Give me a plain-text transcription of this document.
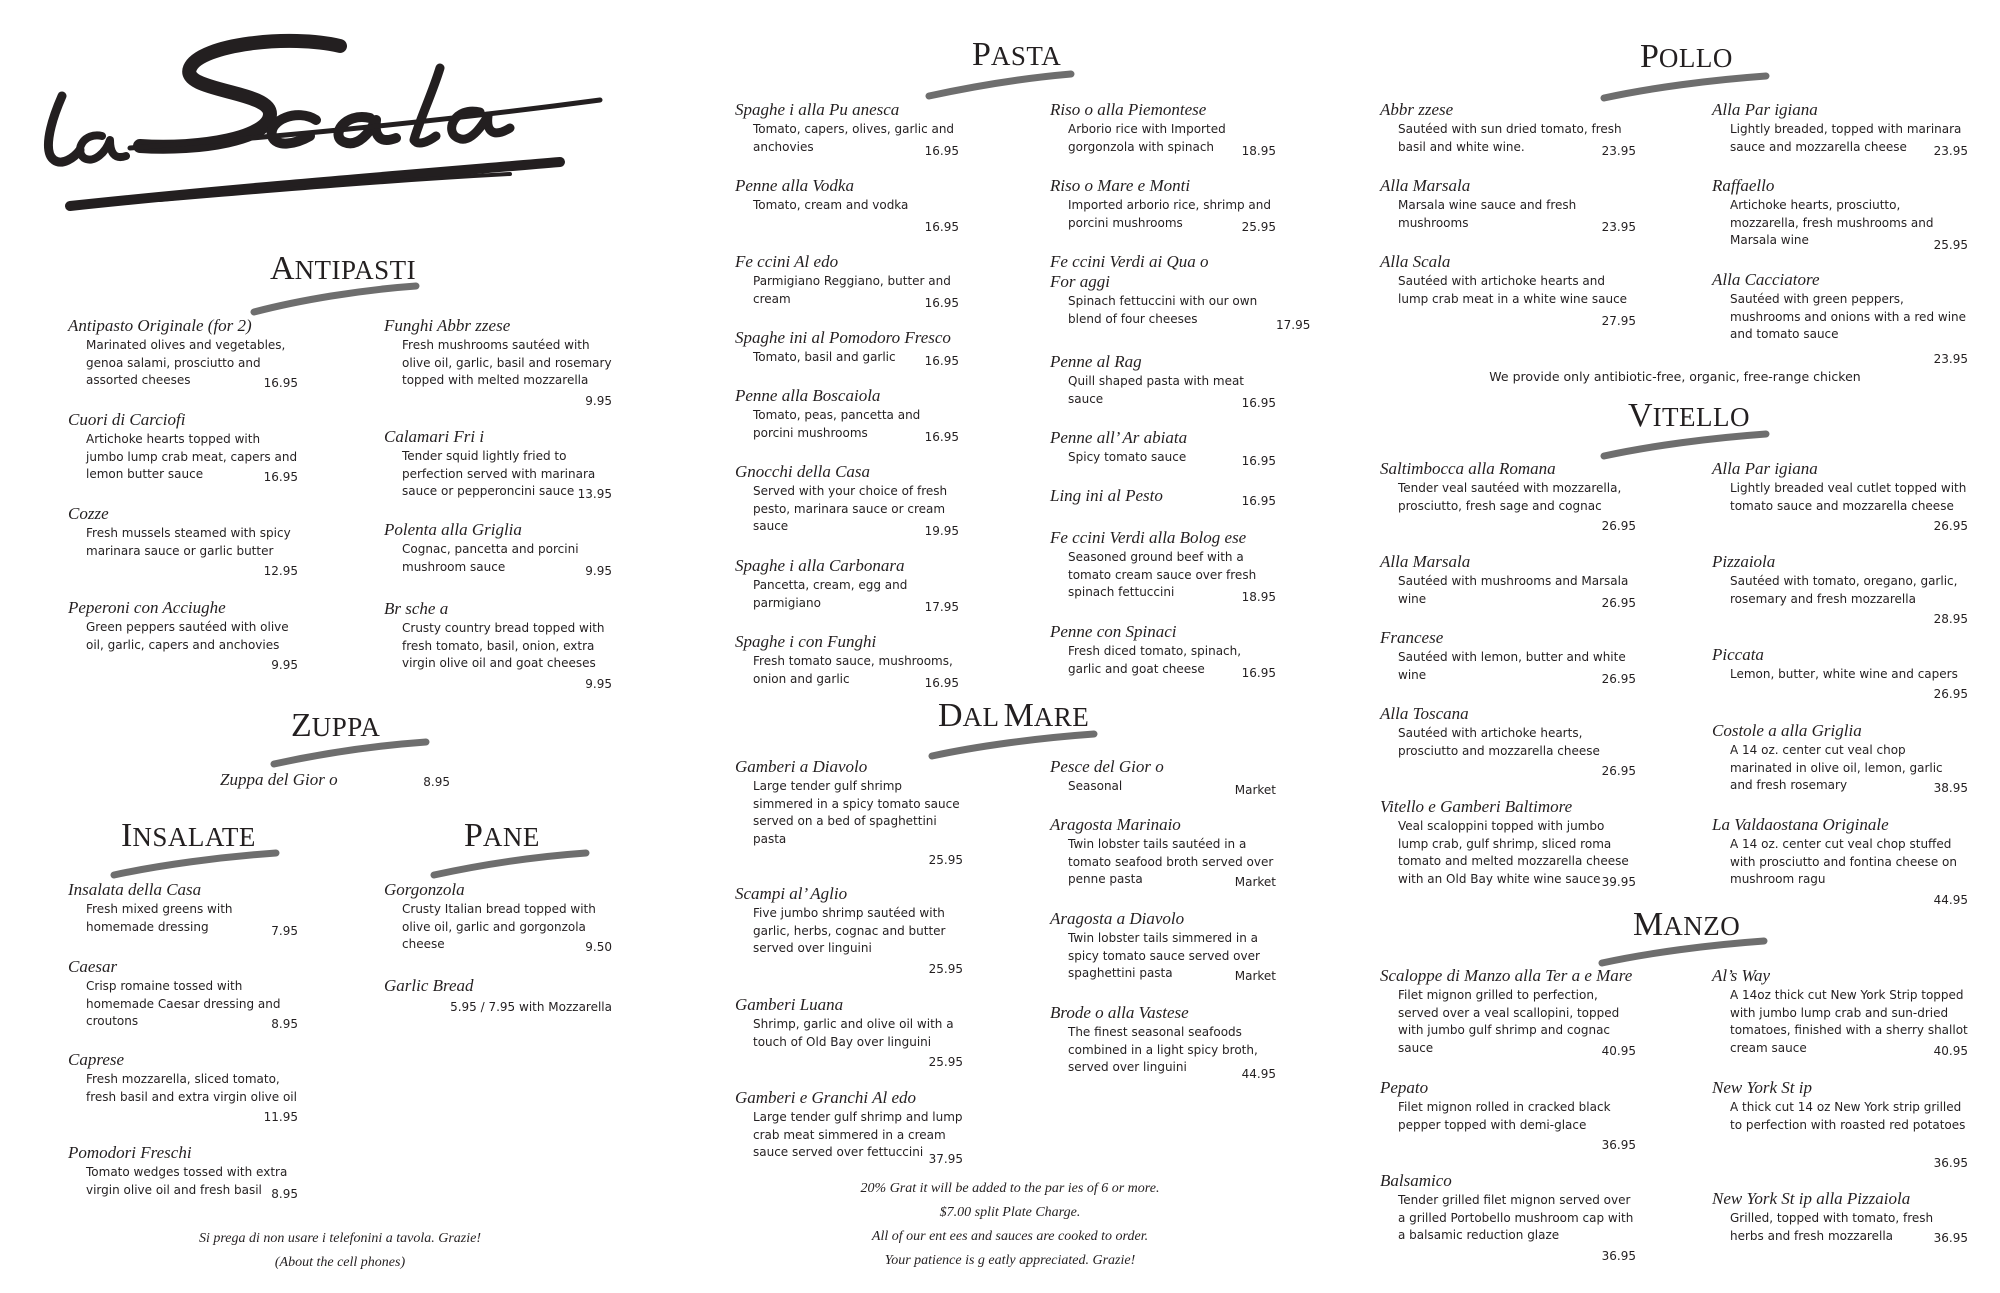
ANTIPASTI
ZUPPA
INSALATE	PANE
PASTA
DAL MARE
POLLO
VITELLO
MANZO
Antipasto Originale (for 2)
Marinated olives and vegetables, genoa salami, prosciutto and assorted cheeses	16.95
Cuori di Carciofi
Artichoke hearts topped with jumbo lump crab meat, capers and lemon butter sauce	16.95
Cozze
Fresh mussels steamed with spicy marinara sauce or garlic butter
12.95
Peperoni con Acciughe
Green peppers sautéed with olive oil, garlic, capers and anchovies
9.95
Funghi Abbr zzese
Fresh mushrooms sautéed with olive oil, garlic, basil and rosemary topped with melted mozzarella
9.95
Calamari Fri i
Tender squid lightly fried to perfection served with marinara sauce or pepperoncini sauce 13.95
Polenta alla Griglia
Cognac, pancetta and porcini mushroom sauce	9.95
Br sche a
Crusty country bread topped with fresh tomato, basil, onion, extra virgin olive oil and goat cheeses
9.95
Zuppa del Gior o	8.95
Insalata della Casa
Fresh mixed greens with homemade dressing	7.95
Caesar
Crisp romaine tossed with homemade Caesar dressing and croutons	8.95
Caprese
Fresh mozzarella, sliced tomato, fresh basil and extra virgin olive oil
11.95
Pomodori Freschi
Tomato wedges tossed with extra virgin olive oil and fresh basil 8.95
Gorgonzola
Crusty Italian bread topped with olive oil, garlic and gorgonzola cheese	9.50
Garlic Bread
5.95 / 7.95 with Mozzarella
Si prega di non usare i telefonini a tavola. Grazie!
(About the cell phones)
Spaghe i alla Pu anesca
Tomato, capers, olives, garlic and anchovies	16.95
Penne alla Vodka
Tomato, cream and vodka
16.95
Fe ccini Al edo
Parmigiano Reggiano, butter and cream	16.95
Spaghe ini al Pomodoro Fresco
Tomato, basil and garlic	16.95
Penne alla Boscaiola
Tomato, peas, pancetta and porcini mushrooms	16.95
Gnocchi della Casa
Served with your choice of fresh pesto, marinara sauce or cream sauce	19.95
Spaghe i alla Carbonara
Pancetta, cream, egg and parmigiano	17.95
Spaghe i con Funghi
Fresh tomato sauce, mushrooms, onion and garlic	16.95
Riso o alla Piemontese
Arborio rice with Imported gorgonzola with spinach	18.95
Riso o Mare e Monti
Imported arborio rice, shrimp and porcini mushrooms	25.95
Fe ccini Verdi ai Qua o For aggi
Spinach fettuccini with our own blend of four cheeses	17.95
Penne al Rag
Quill shaped pasta with meat sauce	16.95
Penne all’ Ar abiata
Spicy tomato sauce	16.95
Ling ini al Pesto	16.95
Fe ccini Verdi alla Bolog ese
Seasoned ground beef with a tomato cream sauce over fresh spinach fettuccini	18.95
Penne con Spinaci
Fresh diced tomato, spinach, garlic and goat cheese	16.95
Gamberi a Diavolo
Large tender gulf shrimp simmered in a spicy tomato sauce served on a bed of spaghettini pasta
25.95
Scampi al’ Aglio
Five jumbo shrimp sautéed with garlic, herbs, cognac and butter served over linguini
25.95
Gamberi Luana
Shrimp, garlic and olive oil with a touch of Old Bay over linguini
25.95
Gamberi e Granchi Al edo
Large tender gulf shrimp and lump crab meat simmered in a cream sauce served over fettuccini 37.95
Pesce del Gior o
Seasonal	Market
Aragosta Marinaio
Twin lobster tails sautéed in a tomato seafood broth served over penne pasta	Market
Aragosta a Diavolo
Twin lobster tails simmered in a spicy tomato sauce served over spaghettini pasta	Market
Brode o alla Vastese
The finest seasonal seafoods combined in a light spicy broth, served over linguini	44.95
20% Grat it will be added to the par ies of 6 or more.
$7.00 split Plate Charge.
All of our ent ees and sauces are cooked to order.
Your patience is g eatly appreciated. Grazie!
Abbr zzese
Sautéed with sun dried tomato, fresh basil and white wine.	23.95
Alla Marsala
Marsala wine sauce and fresh mushrooms	23.95
Alla Scala
Sautéed with artichoke hearts and lump crab meat in a white wine sauce
27.95
Alla Par igiana
Lightly breaded, topped with marinara sauce and mozzarella cheese	23.95
Raffaello
Artichoke hearts, prosciutto, mozzarella, fresh mushrooms and Marsala wine	25.95
Alla Cacciatore
Sautéed with green peppers, mushrooms and onions with a red wine and tomato sauce
23.95
We provide only antibiotic-free, organic, free-range chicken
Saltimbocca alla Romana
Tender veal sautéed with mozzarella, prosciutto, fresh sage and cognac
26.95
Alla Marsala
Sautéed with mushrooms and Marsala wine	26.95
Francese
Sautéed with lemon, butter and white wine	26.95
Alla Toscana
Sautéed with artichoke hearts, prosciutto and mozzarella cheese
26.95
Vitello e Gamberi Baltimore
Veal scaloppini topped with jumbo lump crab, gulf shrimp, sliced roma tomato and melted mozzarella cheese with an Old Bay white wine sauce 39.95
Alla Par igiana
Lightly breaded veal cutlet topped with tomato sauce and mozzarella cheese
26.95
Pizzaiola
Sautéed with tomato, oregano, garlic, rosemary and fresh mozzarella
28.95
Piccata
Lemon, butter, white wine and capers
26.95
Costole a alla Griglia
A 14 oz. center cut veal chop marinated in olive oil, lemon, garlic and fresh rosemary	38.95
La Valdaostana Originale
A 14 oz. center cut veal chop stuffed with prosciutto and fontina cheese on mushroom ragu
44.95
Scaloppe di Manzo alla Ter a e Mare
Filet mignon grilled to perfection, served over a veal scallopini, topped with jumbo gulf shrimp and cognac sauce	40.95
Pepato
Filet mignon rolled in cracked black pepper topped with demi-glace
36.95
Balsamico
Tender grilled filet mignon served over a grilled Portobello mushroom cap with a balsamic reduction glaze
36.95
Al’s Way
A 14oz thick cut New York Strip topped with jumbo lump crab and sun-dried tomatoes, finished with a sherry shallot cream sauce	40.95
New York St ip
A thick cut 14 oz New York strip grilled to perfection with roasted red potatoes
36.95
New York St ip alla Pizzaiola
Grilled, topped with tomato, fresh herbs and fresh mozzarella	36.95
